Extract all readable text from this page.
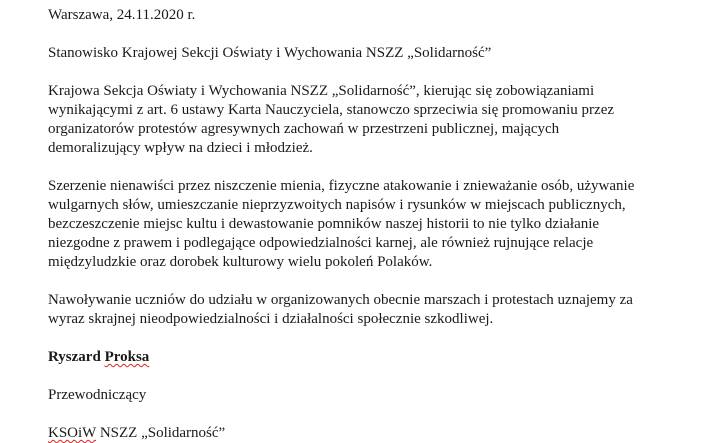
Warszawa, 24.11.2020 r.
Stanowisko Krajowej Sekcji Oświaty i Wychowania NSZZ „Solidarność”
Krajowa Sekcja Oświaty i Wychowania NSZZ „Solidarność”, kierując się zobowiązaniami
wynikającymi z art. 6 ustawy Karta Nauczyciela, stanowczo sprzeciwia się promowaniu przez
organizatorów protestów agresywnych zachowań w przestrzeni publicznej, mających
demoralizujący wpływ na dzieci i młodzież.
Szerzenie nienawiści przez niszczenie mienia, fizyczne atakowanie i znieważanie osób, używanie
wulgarnych słów, umieszczanie nieprzyzwoitych napisów i rysunków w miejscach publicznych,
bezczeszczenie miejsc kultu i dewastowanie pomników naszej historii to nie tylko działanie
niezgodne z prawem i podlegające odpowiedzialności karnej, ale również rujnujące relacje
międzyludzkie oraz dorobek kulturowy wielu pokoleń Polaków.
Nawoływanie uczniów do udziału w organizowanych obecnie marszach i protestach uznajemy za
wyraz skrajnej nieodpowiedzialności i działalności społecznie szkodliwej.
Ryszard Proksa
Przewodniczący
KSOiW NSZZ „Solidarność”
